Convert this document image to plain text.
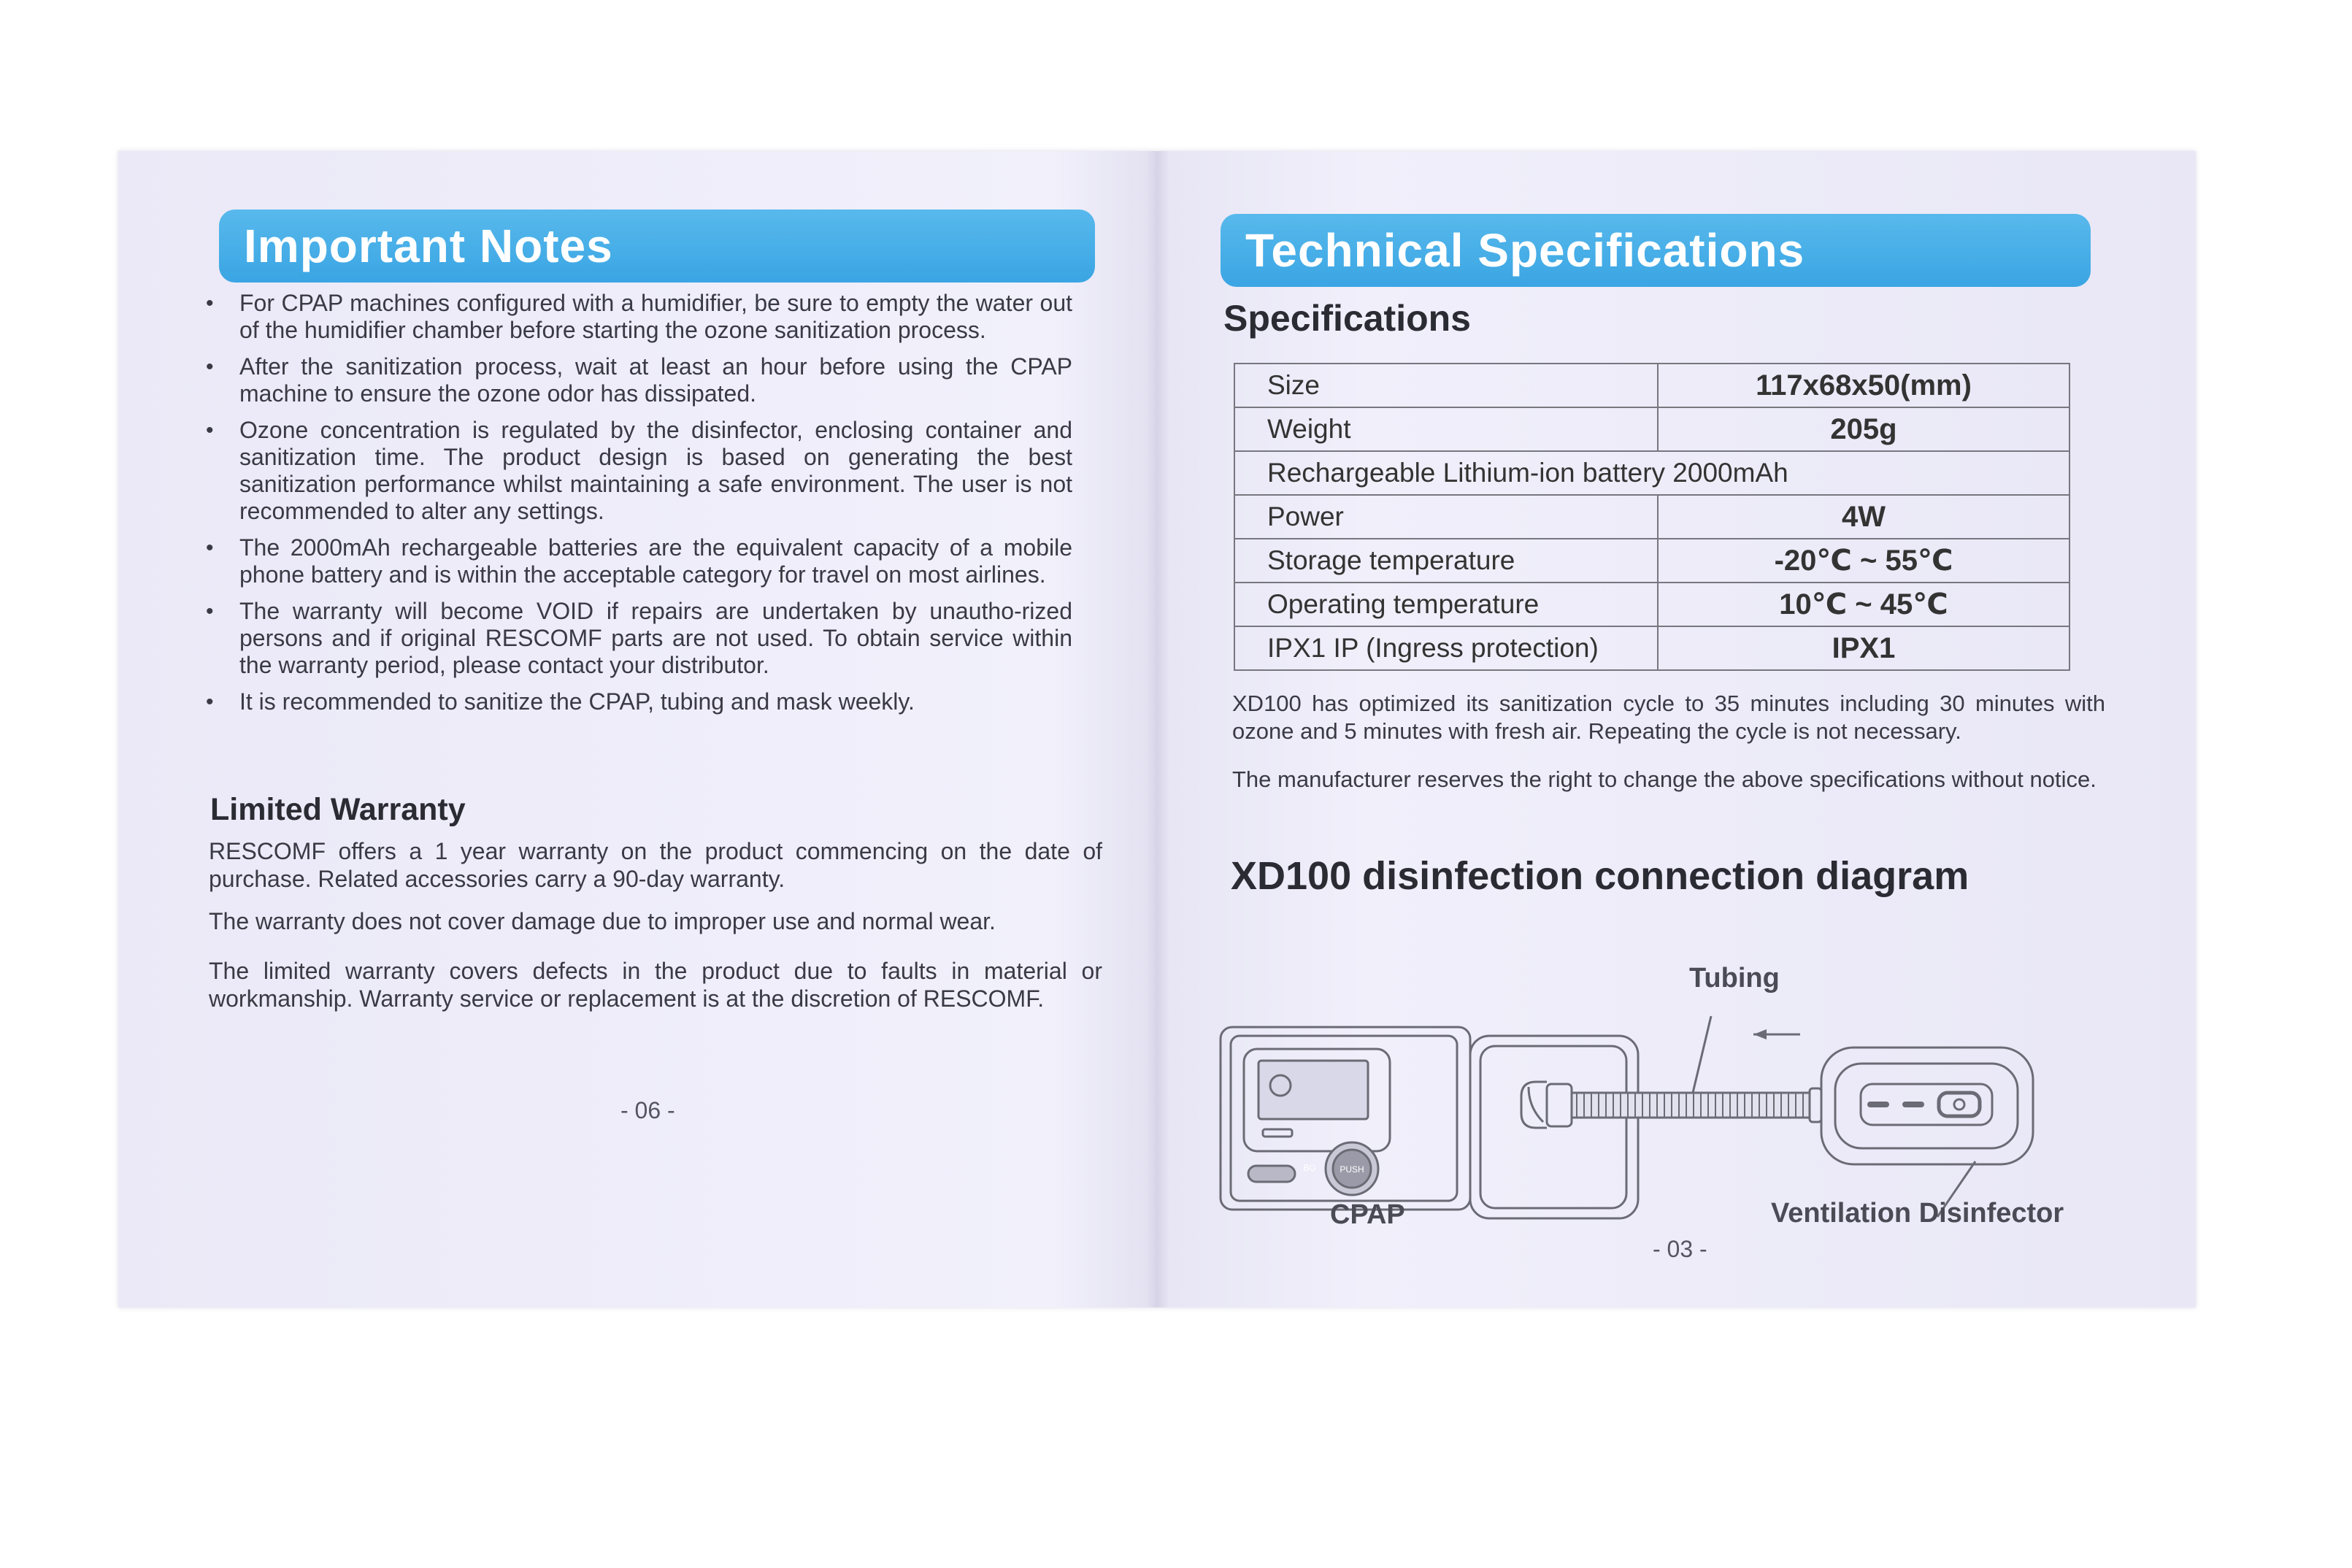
Important Notes
• For CPAP machines configured with a humidifier, be sure to empty the water out of the humidifier chamber before starting the ozone sanitization process.
• After the sanitization process, wait at least an hour before using the CPAP machine to ensure the ozone odor has dissipated.
• Ozone concentration is regulated by the disinfector, enclosing container and sanitization time. The product design is based on generating the best sanitization performance whilst maintaining a safe environment. The user is not recommended to alter any settings.
• The 2000mAh rechargeable batteries are the equivalent capacity of a mobile phone battery and is within the acceptable category for travel on most airlines.
• The warranty will become VOID if repairs are undertaken by unautho-rized persons and if original RESCOMF parts are not used. To obtain service within the warranty period, please contact your distributor.
• It is recommended to sanitize the CPAP, tubing and mask weekly.
Limited Warranty

RESCOMF offers a 1 year warranty on the product commencing on the date of purchase. Related accessories carry a 90-day warranty.

The warranty does not cover damage due to improper use and normal wear.

The limited warranty covers defects in the product due to faults in material or workmanship. Warranty service or replacement is at the discretion of RESCOMF.

- 06 -
Technical Specifications
Specifications
Size	117x68x50(mm)
Weight	205g
Rechargeable Lithium-ion battery 2000mAh	
Power	4W
Storage temperature	-20℃ ~ 55℃
Operating temperature	10℃ ~ 45℃
IPX1 IP (Ingress protection)	IPX1

XD100 has optimized its sanitization cycle to 35 minutes including 30 minutes with ozone and 5 minutes with fresh air. Repeating the cycle is not necessary.

The manufacturer reserves the right to change the above specifications without notice.

XD100 disinfection connection diagram
BG	PUSH
Tubing
CPAP	Ventilation Disinfector
- 03 -
